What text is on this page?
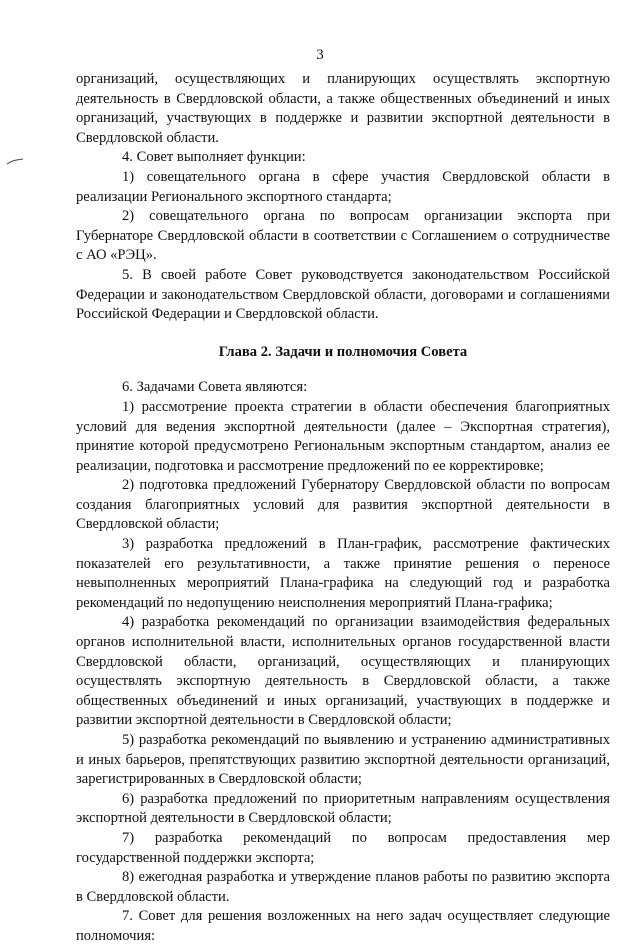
3

организаций, осуществляющих и планирующих осуществлять экспортную деятельность в Свердловской области, а также общественных объединений и иных организаций, участвующих в поддержке и развитии экспортной деятельности в Свердловской области.

4. Совет выполняет функции:

1) совещательного органа в сфере участия Свердловской области в реализации Регионального экспортного стандарта;

2) совещательного органа по вопросам организации экспорта при Губернаторе Свердловской области в соответствии с Соглашением о сотрудничестве с АО «РЭЦ».

5. В своей работе Совет руководствуется законодательством Российской Федерации и законодательством Свердловской области, договорами и соглашениями Российской Федерации и Свердловской области.

Глава 2. Задачи и полномочия Совета

6. Задачами Совета являются:

1) рассмотрение проекта стратегии в области обеспечения благоприятных условий для ведения экспортной деятельности (далее – Экспортная стратегия), принятие которой предусмотрено Региональным экспортным стандартом, анализ ее реализации, подготовка и рассмотрение предложений по ее корректировке;

2) подготовка предложений Губернатору Свердловской области по вопросам создания благоприятных условий для развития экспортной деятельности в Свердловской области;

3) разработка предложений в План-график, рассмотрение фактических показателей его результативности, а также принятие решения о переносе невыполненных мероприятий Плана-графика на следующий год и разработка рекомендаций по недопущению неисполнения мероприятий Плана-графика;

4) разработка рекомендаций по организации взаимодействия федеральных органов исполнительной власти, исполнительных органов государственной власти Свердловской области, организаций, осуществляющих и планирующих осуществлять экспортную деятельность в Свердловской области, а также общественных объединений и иных организаций, участвующих в поддержке и развитии экспортной деятельности в Свердловской области;

5) разработка рекомендаций по выявлению и устранению административных и иных барьеров, препятствующих развитию экспортной деятельности организаций, зарегистрированных в Свердловской области;

6) разработка предложений по приоритетным направлениям осуществления экспортной деятельности в Свердловской области;

7) разработка рекомендаций по вопросам предоставления мер государственной поддержки экспорта;

8) ежегодная разработка и утверждение планов работы по развитию экспорта в Свердловской области.

7. Совет для решения возложенных на него задач осуществляет следующие полномочия:
